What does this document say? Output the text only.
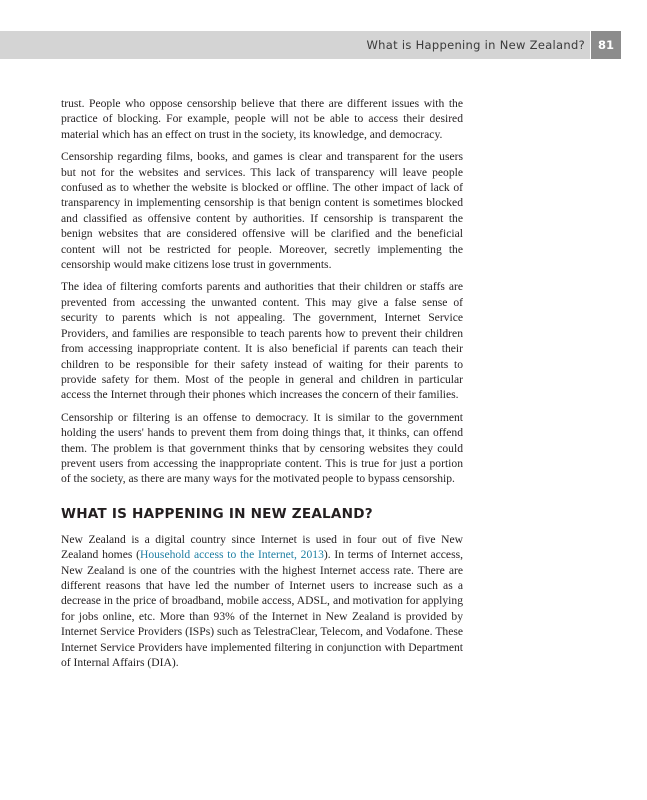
What is Happening in New Zealand?	81

trust. People who oppose censorship believe that there are different issues with the practice of blocking. For example, people will not be able to access their desired material which has an effect on trust in the society, its knowledge, and democracy.

Censorship regarding films, books, and games is clear and transparent for the users but not for the websites and services. This lack of transparency will leave people confused as to whether the website is blocked or offline. The other impact of lack of transparency in implementing censorship is that benign content is sometimes blocked and classified as offensive content by authorities. If censorship is transparent the benign websites that are considered offensive will be clarified and the beneficial content will not be restricted for people. Moreover, secretly implementing the censorship would make citizens lose trust in governments.

The idea of filtering comforts parents and authorities that their children or staffs are prevented from accessing the unwanted content. This may give a false sense of security to parents which is not appealing. The government, Internet Service Providers, and families are responsible to teach parents how to prevent their children from accessing inappropriate content. It is also beneficial if parents can teach their children to be responsible for their safety instead of waiting for their parents to provide safety for them. Most of the people in general and children in particular access the Internet through their phones which increases the concern of their families.

Censorship or filtering is an offense to democracy. It is similar to the government holding the users' hands to prevent them from doing things that, it thinks, can offend them. The problem is that government thinks that by censoring websites they could prevent users from accessing the inappropriate content. This is true for just a portion of the society, as there are many ways for the motivated people to bypass censorship.

WHAT IS HAPPENING IN NEW ZEALAND?

New Zealand is a digital country since Internet is used in four out of five New Zealand homes (Household access to the Internet, 2013). In terms of Internet access, New Zealand is one of the countries with the highest Internet access rate. There are different reasons that have led the number of Internet users to increase such as a decrease in the price of broadband, mobile access, ADSL, and motivation for applying for jobs online, etc. More than 93% of the Internet in New Zealand is provided by Internet Service Providers (ISPs) such as TelestraClear, Telecom, and Vodafone. These Internet Service Providers have implemented filtering in conjunction with Department of Internal Affairs (DIA).
